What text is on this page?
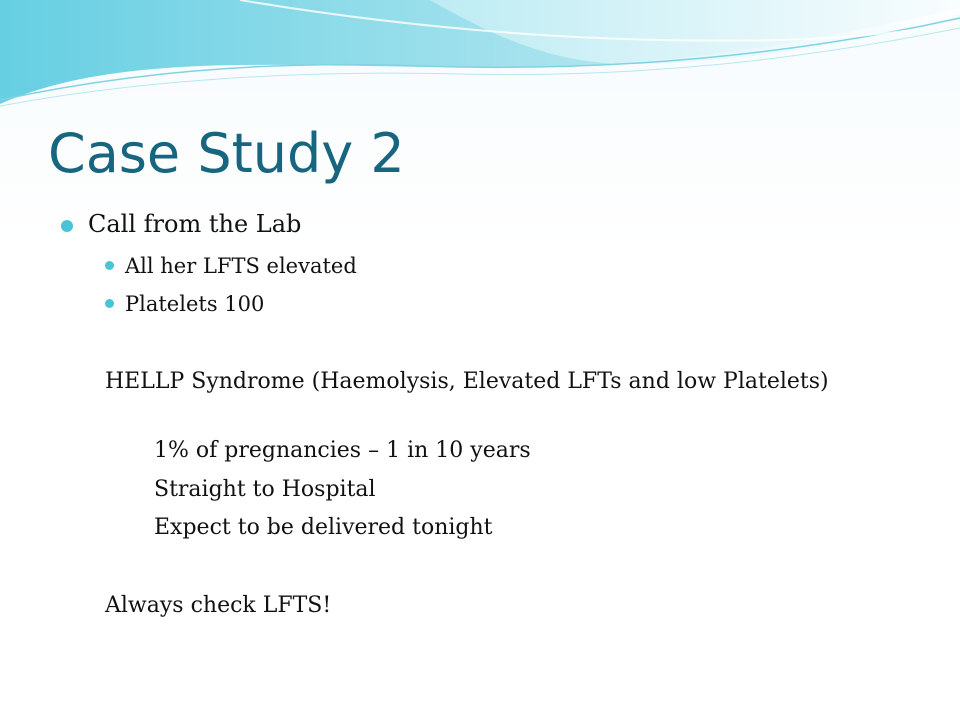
Case Study 2
Call from the Lab
All her LFTS elevated
Platelets 100
HELLP Syndrome (Haemolysis, Elevated LFTs and low Platelets)
1% of pregnancies – 1 in 10 years
Straight to Hospital
Expect to be delivered tonight
Always check LFTS!
